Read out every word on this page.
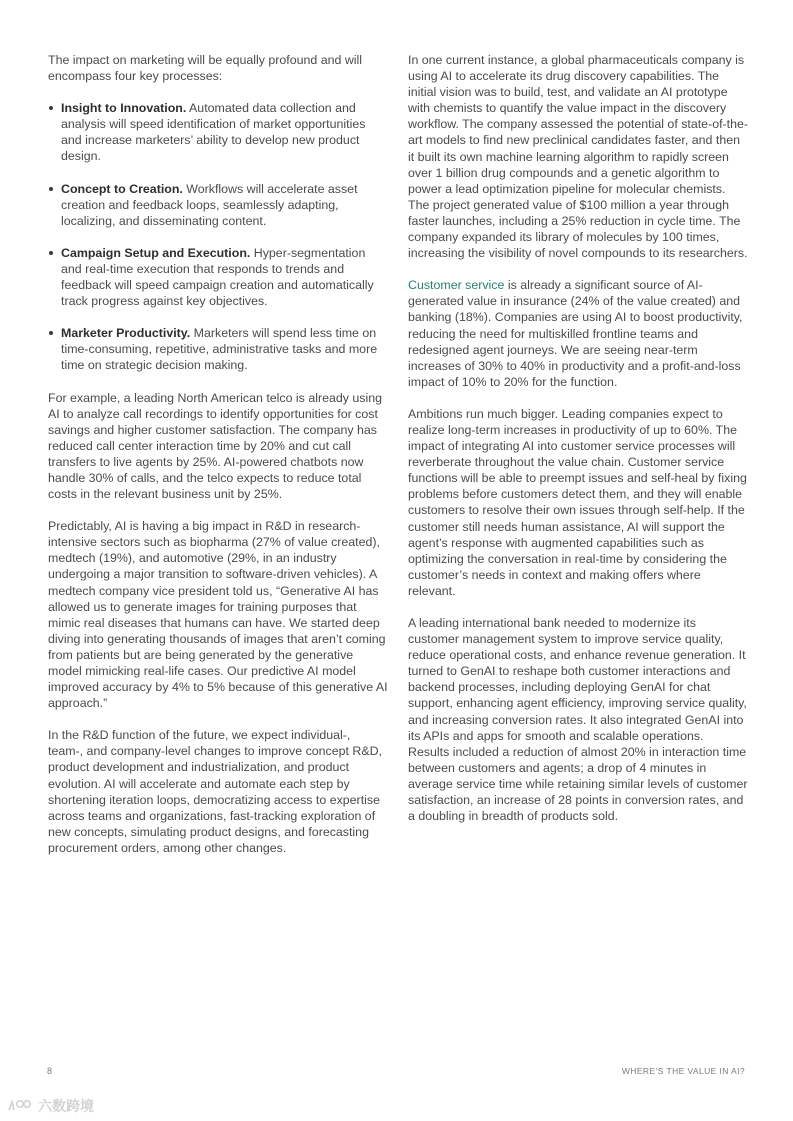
The impact on marketing will be equally profound and will encompass four key processes:

Insight to Innovation. Automated data collection and analysis will speed identification of market opportunities and increase marketers’ ability to develop new product design.
Concept to Creation. Workflows will accelerate asset creation and feedback loops, seamlessly adapting, localizing, and disseminating content.
Campaign Setup and Execution. Hyper-segmentation and real-time execution that responds to trends and feedback will speed campaign creation and automatically track progress against key objectives.
Marketer Productivity. Marketers will spend less time on time-consuming, repetitive, administrative tasks and more time on strategic decision making.

For example, a leading North American telco is already using AI to analyze call recordings to identify opportunities for cost savings and higher customer satisfaction. The company has reduced call center interaction time by 20% and cut call transfers to live agents by 25%. AI-powered chatbots now handle 30% of calls, and the telco expects to reduce total costs in the relevant business unit by 25%.

Predictably, AI is having a big impact in R&D in research-intensive sectors such as biopharma (27% of value created), medtech (19%), and automotive (29%, in an industry undergoing a major transition to software-driven vehicles). A medtech company vice president told us, “Generative AI has allowed us to generate images for training purposes that mimic real diseases that humans can have. We started deep diving into generating thousands of images that aren’t coming from patients but are being generated by the generative model mimicking real-life cases. Our predictive AI model improved accuracy by 4% to 5% because of this generative AI approach.”

In the R&D function of the future, we expect individual-, team-, and company-level changes to improve concept R&D, product development and industrialization, and product evolution. AI will accelerate and automate each step by shortening iteration loops, democratizing access to expertise across teams and organizations, fast-tracking exploration of new concepts, simulating product designs, and forecasting procurement orders, among other changes.

In one current instance, a global pharmaceuticals company is using AI to accelerate its drug discovery capabilities. The initial vision was to build, test, and validate an AI prototype with chemists to quantify the value impact in the discovery workflow. The company assessed the potential of state-of-the-art models to find new preclinical candidates faster, and then it built its own machine learning algorithm to rapidly screen over 1 billion drug compounds and a genetic algorithm to power a lead optimization pipeline for molecular chemists. The project generated value of $100 million a year through faster launches, including a 25% reduction in cycle time. The company expanded its library of molecules by 100 times, increasing the visibility of novel compounds to its researchers.

Customer service is already a significant source of AI-generated value in insurance (24% of the value created) and banking (18%). Companies are using AI to boost productivity, reducing the need for multiskilled frontline teams and redesigned agent journeys. We are seeing near-term increases of 30% to 40% in productivity and a profit-and-loss impact of 10% to 20% for the function.

Ambitions run much bigger. Leading companies expect to realize long-term increases in productivity of up to 60%. The impact of integrating AI into customer service processes will reverberate throughout the value chain. Customer service functions will be able to preempt issues and self-heal by fixing problems before customers detect them, and they will enable customers to resolve their own issues through self-help. If the customer still needs human assistance, AI will support the agent’s response with augmented capabilities such as optimizing the conversation in real-time by considering the customer’s needs in context and making offers where relevant.

A leading international bank needed to modernize its customer management system to improve service quality, reduce operational costs, and enhance revenue generation. It turned to GenAI to reshape both customer interactions and backend processes, including deploying GenAI for chat support, enhancing agent efficiency, improving service quality, and increasing conversion rates. It also integrated GenAI into its APIs and apps for smooth and scalable operations. Results included a reduction of almost 20% in interaction time between customers and agents; a drop of 4 minutes in average service time while retaining similar levels of customer satisfaction, an increase of 28 points in conversion rates, and a doubling in breadth of products sold.

8	WHERE’S THE VALUE IN AI?
六数跨境
